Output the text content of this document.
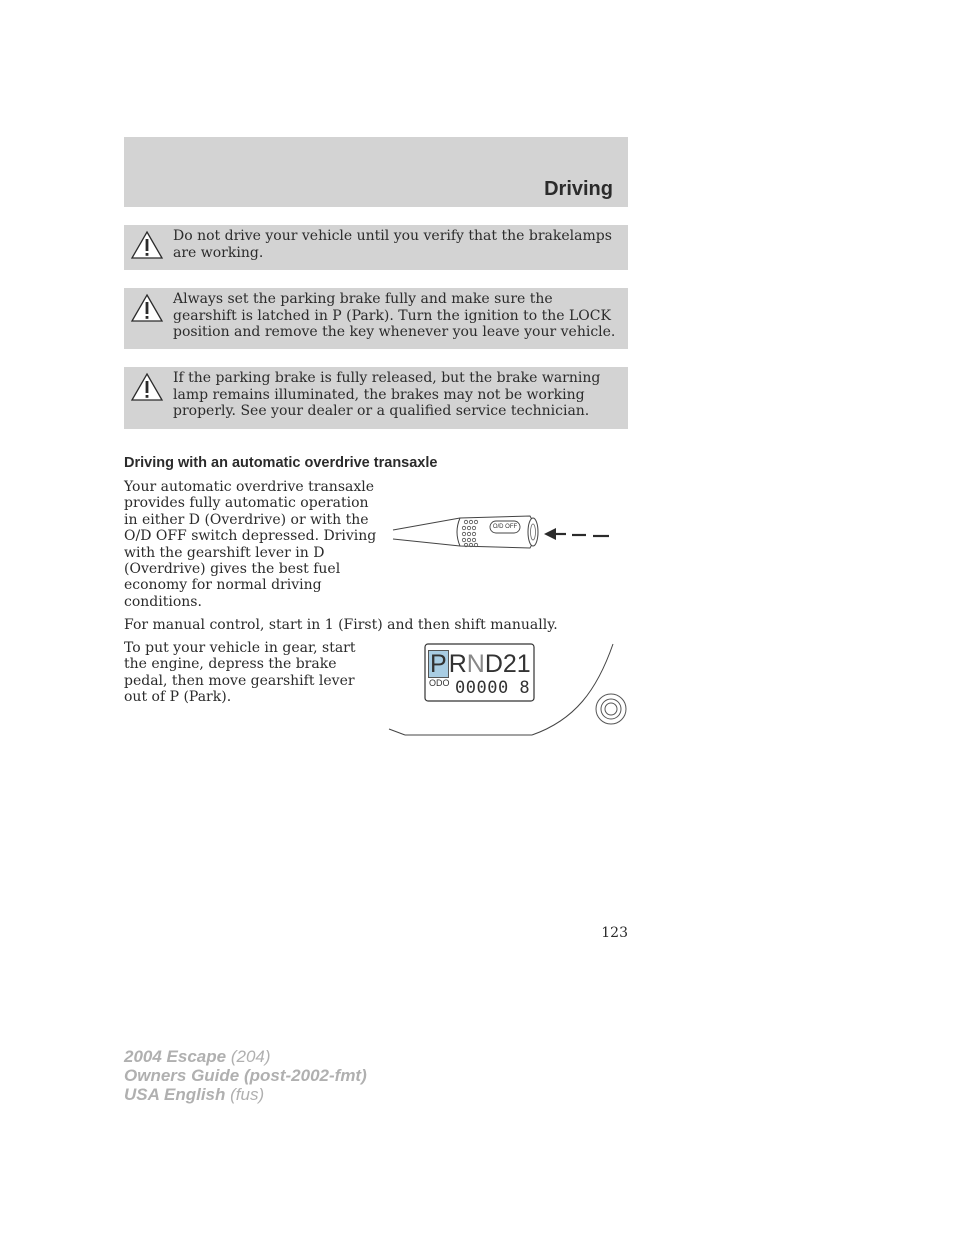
Driving
Do not drive your vehicle until you verify that the brakelamps are working.
Always set the parking brake fully and make sure the gearshift is latched in P (Park). Turn the ignition to the LOCK position and remove the key whenever you leave your vehicle.
If the parking brake is fully released, but the brake warning lamp remains illuminated, the brakes may not be working properly. See your dealer or a qualified service technician.
Driving with an automatic overdrive transaxle

Your automatic overdrive transaxle provides fully automatic operation in either D (Overdrive) or with the O/D OFF switch depressed. Driving with the gearshift lever in D (Overdrive) gives the best fuel economy for normal driving conditions.

For manual control, start in 1 (First) and then shift manually.

To put your vehicle in gear, start the engine, depress the brake pedal, then move gearshift lever out of P (Park).

O/D OFF
PRND21
ODO 00000 8
123
2004 Escape (204)
Owners Guide (post-2002-fmt)
USA English (fus)
